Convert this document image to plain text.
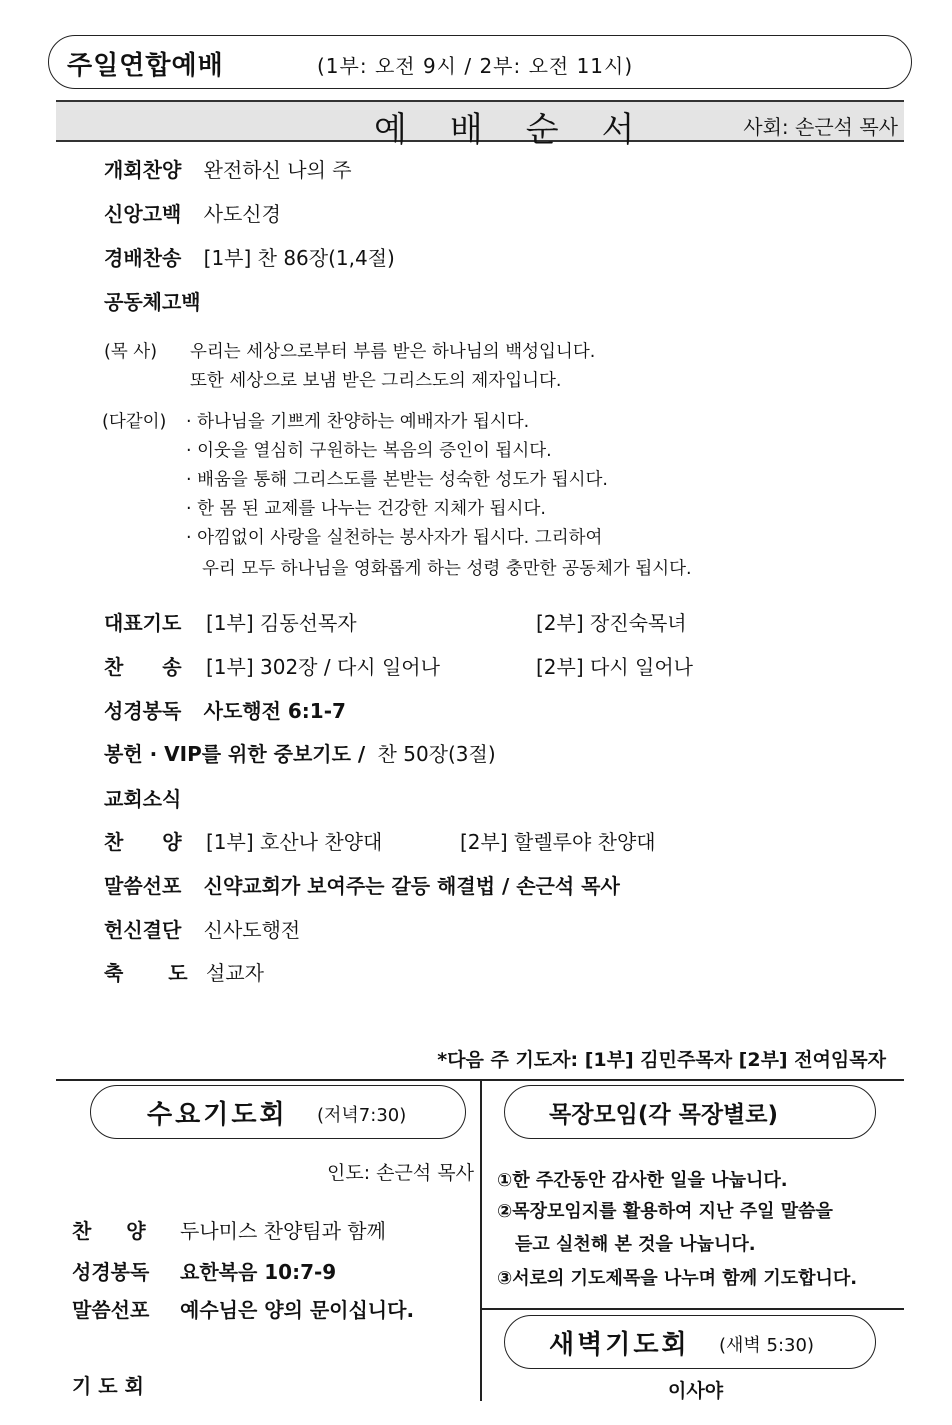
주일연합예배	(1부: 오전 9시 / 2부: 오전 11시)
예배순서	사회: 손근석 목사
개회찬양 완전하신 나의 주
신앙고백 사도신경
경배찬송 [1부] 찬 86장(1,4절)
공동체고백
(목 사) 우리는 세상으로부터 부름 받은 하나님의 백성입니다.
또한 세상으로 보냄 받은 그리스도의 제자입니다.
(다같이) · 하나님을 기쁘게 찬양하는 예배자가 됩시다.
· 이웃을 열심히 구원하는 복음의 증인이 됩시다.
· 배움을 통해 그리스도를 본받는 성숙한 성도가 됩시다.
· 한 몸 된 교제를 나누는 건강한 지체가 됩시다.
· 아낌없이 사랑을 실천하는 봉사자가 됩시다. 그리하여
우리 모두 하나님을 영화롭게 하는 성령 충만한 공동체가 됩시다.
대표기도 [1부] 김동선목자	[2부] 장진숙목녀
찬 송 [1부] 302장 / 다시 일어나	[2부] 다시 일어나
성경봉독 사도행전 6:1-7
봉헌 · VIP를 위한 중보기도 / 찬 50장(3절)
교회소식
찬 양 [1부] 호산나 찬양대	[2부] 할렐루야 찬양대
말씀선포 신약교회가 보여주는 갈등 해결법 / 손근석 목사
헌신결단 신사도행전
축 도 설교자
*다음 주 기도자: [1부] 김민주목자 [2부] 전여임목자
수요기도회 (저녁7:30)
인도: 손근석 목사
찬 양 두나미스 찬양팀과 함께
성경봉독 요한복음 10:7-9
말씀선포 예수님은 양의 문이십니다.
기 도 회
목장모임(각 목장별로)
①한 주간동안 감사한 일을 나눕니다.
②목장모임지를 활용하여 지난 주일 말씀을
듣고 실천해 본 것을 나눕니다.
③서로의 기도제목을 나누며 함께 기도합니다.
새벽기도회 (새벽 5:30)
이사야
